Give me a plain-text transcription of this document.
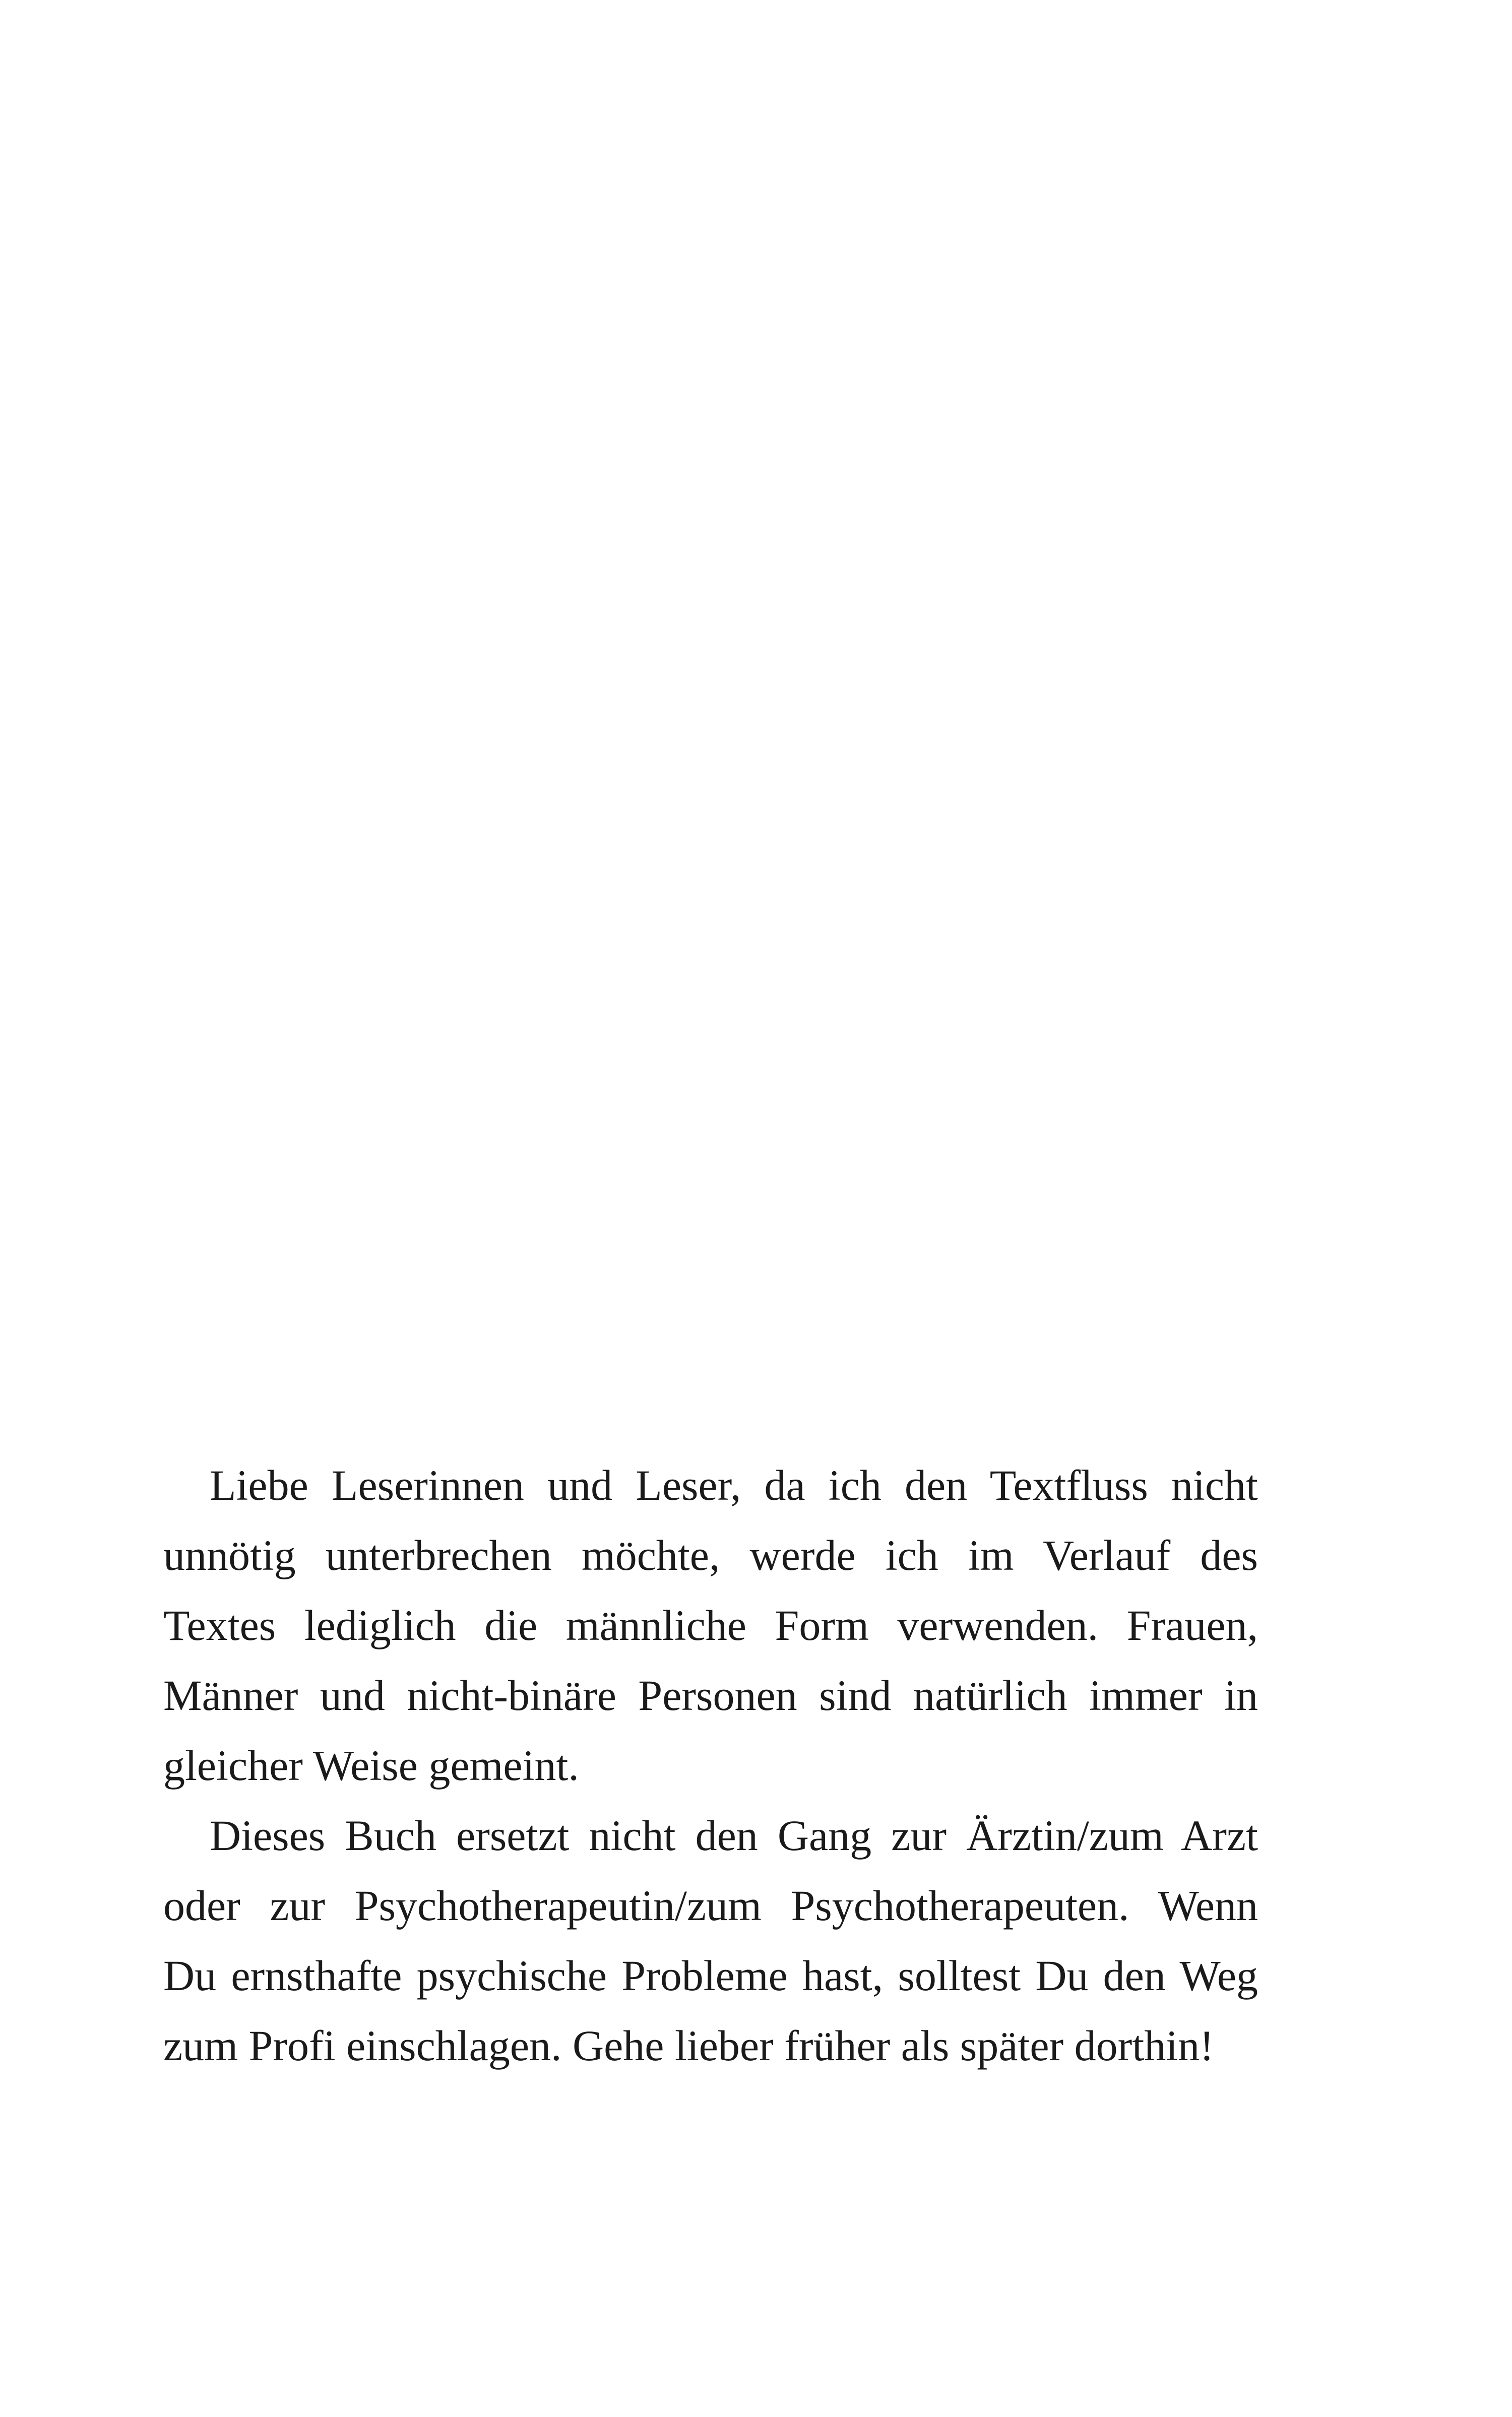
Liebe Leserinnen und Leser, da ich den Textfluss nicht
unnötig unterbrechen möchte, werde ich im Verlauf des
Textes lediglich die männliche Form verwenden. Frauen,
Männer und nicht-binäre Personen sind natürlich immer in
gleicher Weise gemeint.
Dieses Buch ersetzt nicht den Gang zur Ärztin/zum Arzt
oder zur Psychotherapeutin/zum Psychotherapeuten. Wenn
Du ernsthafte psychische Probleme hast, solltest Du den Weg
zum Profi einschlagen. Gehe lieber früher als später dorthin!
